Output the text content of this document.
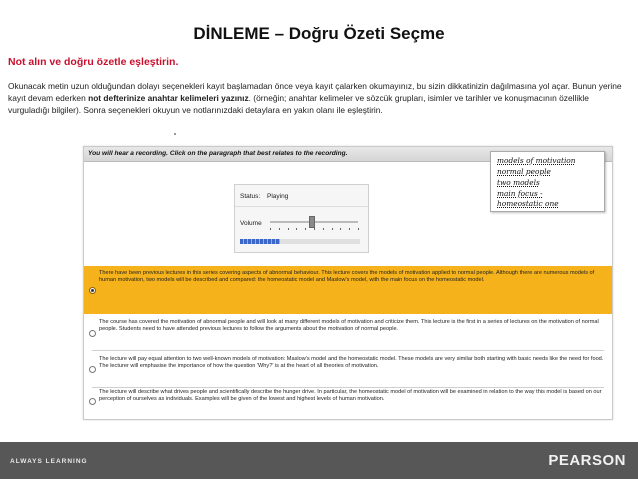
DİNLEME – Doğru Özeti Seçme
Not alın ve doğru özetle eşleştirin.
Okunacak metin uzun olduğundan dolayı seçenekleri kayıt başlamadan önce veya kayıt çalarken okumayınız, bu sizin dikkatinizin dağılmasına yol açar. Bunun yerine kayıt devam ederken not defterinize anahtar kelimeleri yazınız. (örneğin; anahtar kelimeler ve sözcük grupları, isimler ve tarihler ve konuşmacının özellikle vurguladığı bilgiler). Sonra seçenekleri okuyun ve notlarınızdaki detaylara en yakın olanı ile eşleştirin.
You will hear a recording. Click on the paragraph that best relates to the recording.
Status: Playing
Volume
There have been previous lectures in this series covering aspects of abnormal behaviour. This lecture covers the models of motivation applied to normal people. Although there are numerous models of human motivation, two models will be described and compared: the homeostatic model and Maslow's model, with the main focus on the homeostatic model.
The course has covered the motivation of abnormal people and will look at many different models of motivation and criticize them. This lecture is the first in a series of lectures on the motivation of normal people. Students need to have attended previous lectures to follow the arguments about the motivation of normal people.
The lecture will pay equal attention to two well-known models of motivation: Maslow's model and the homeostatic model. These models are very similar both starting with basic needs like the need for food. The lecturer will emphasise the importance of how the question 'Why?' is at the heart of all theories of motivation.
The lecture will describe what drives people and scientifically describe the hunger drive. In particular, the homeostatic model of motivation will be examined in relation to the way this model is based on our perception of ourselves as individuals. Examples will be given of the lowest and highest levels of human motivation.
models of motivation
normal people
two models
main focus -
homeostatic one
ALWAYS LEARNING	PEARSON
